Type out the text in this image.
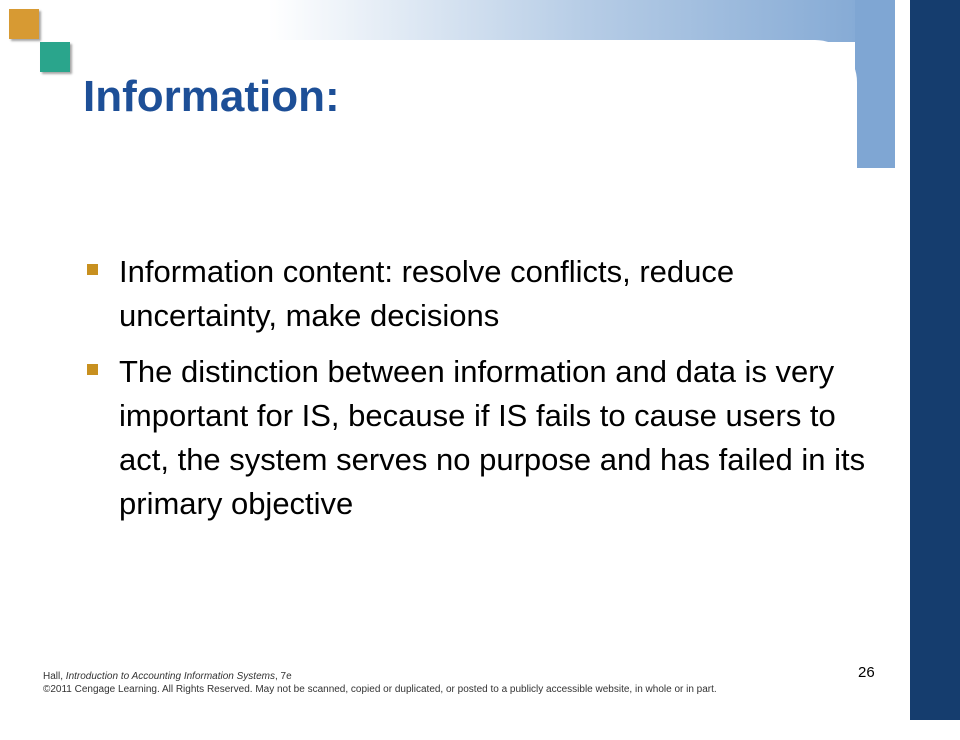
Information:
Information content: resolve conflicts, reduce uncertainty, make decisions
The distinction between information and data is very important for IS, because if IS fails to cause users to act, the system serves no purpose and has failed in its primary objective
Hall, Introduction to Accounting Information Systems, 7e
©2011 Cengage Learning. All Rights Reserved. May not be scanned, copied or duplicated, or posted to a publicly accessible website, in whole or in part.
26
